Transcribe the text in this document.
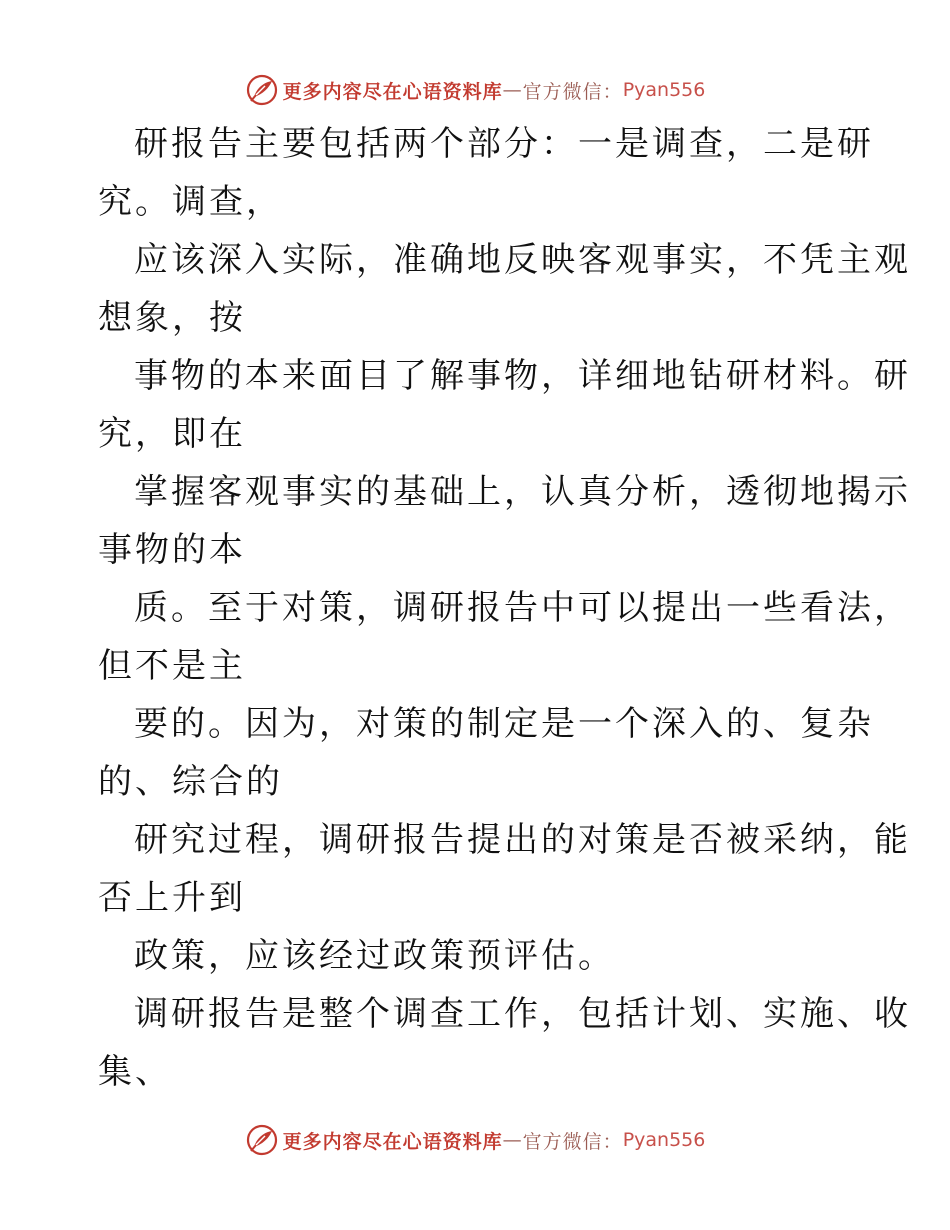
更多内容尽在心语资料库 — 官方微信： Pyan556
研报告主要包括两个部分：一是调查，二是研
究。调查，
应该深入实际，准确地反映客观事实，不凭主观
想象，按
事物的本来面目了解事物，详细地钻研材料。研
究，即在
掌握客观事实的基础上，认真分析，透彻地揭示
事物的本
质。至于对策，调研报告中可以提出一些看法，
但不是主
要的。因为，对策的制定是一个深入的、复杂
的、综合的
研究过程，调研报告提出的对策是否被采纳，能
否上升到
政策，应该经过政策预评估。
调研报告是整个调查工作，包括计划、实施、收
集、
更多内容尽在心语资料库 — 官方微信： Pyan556
